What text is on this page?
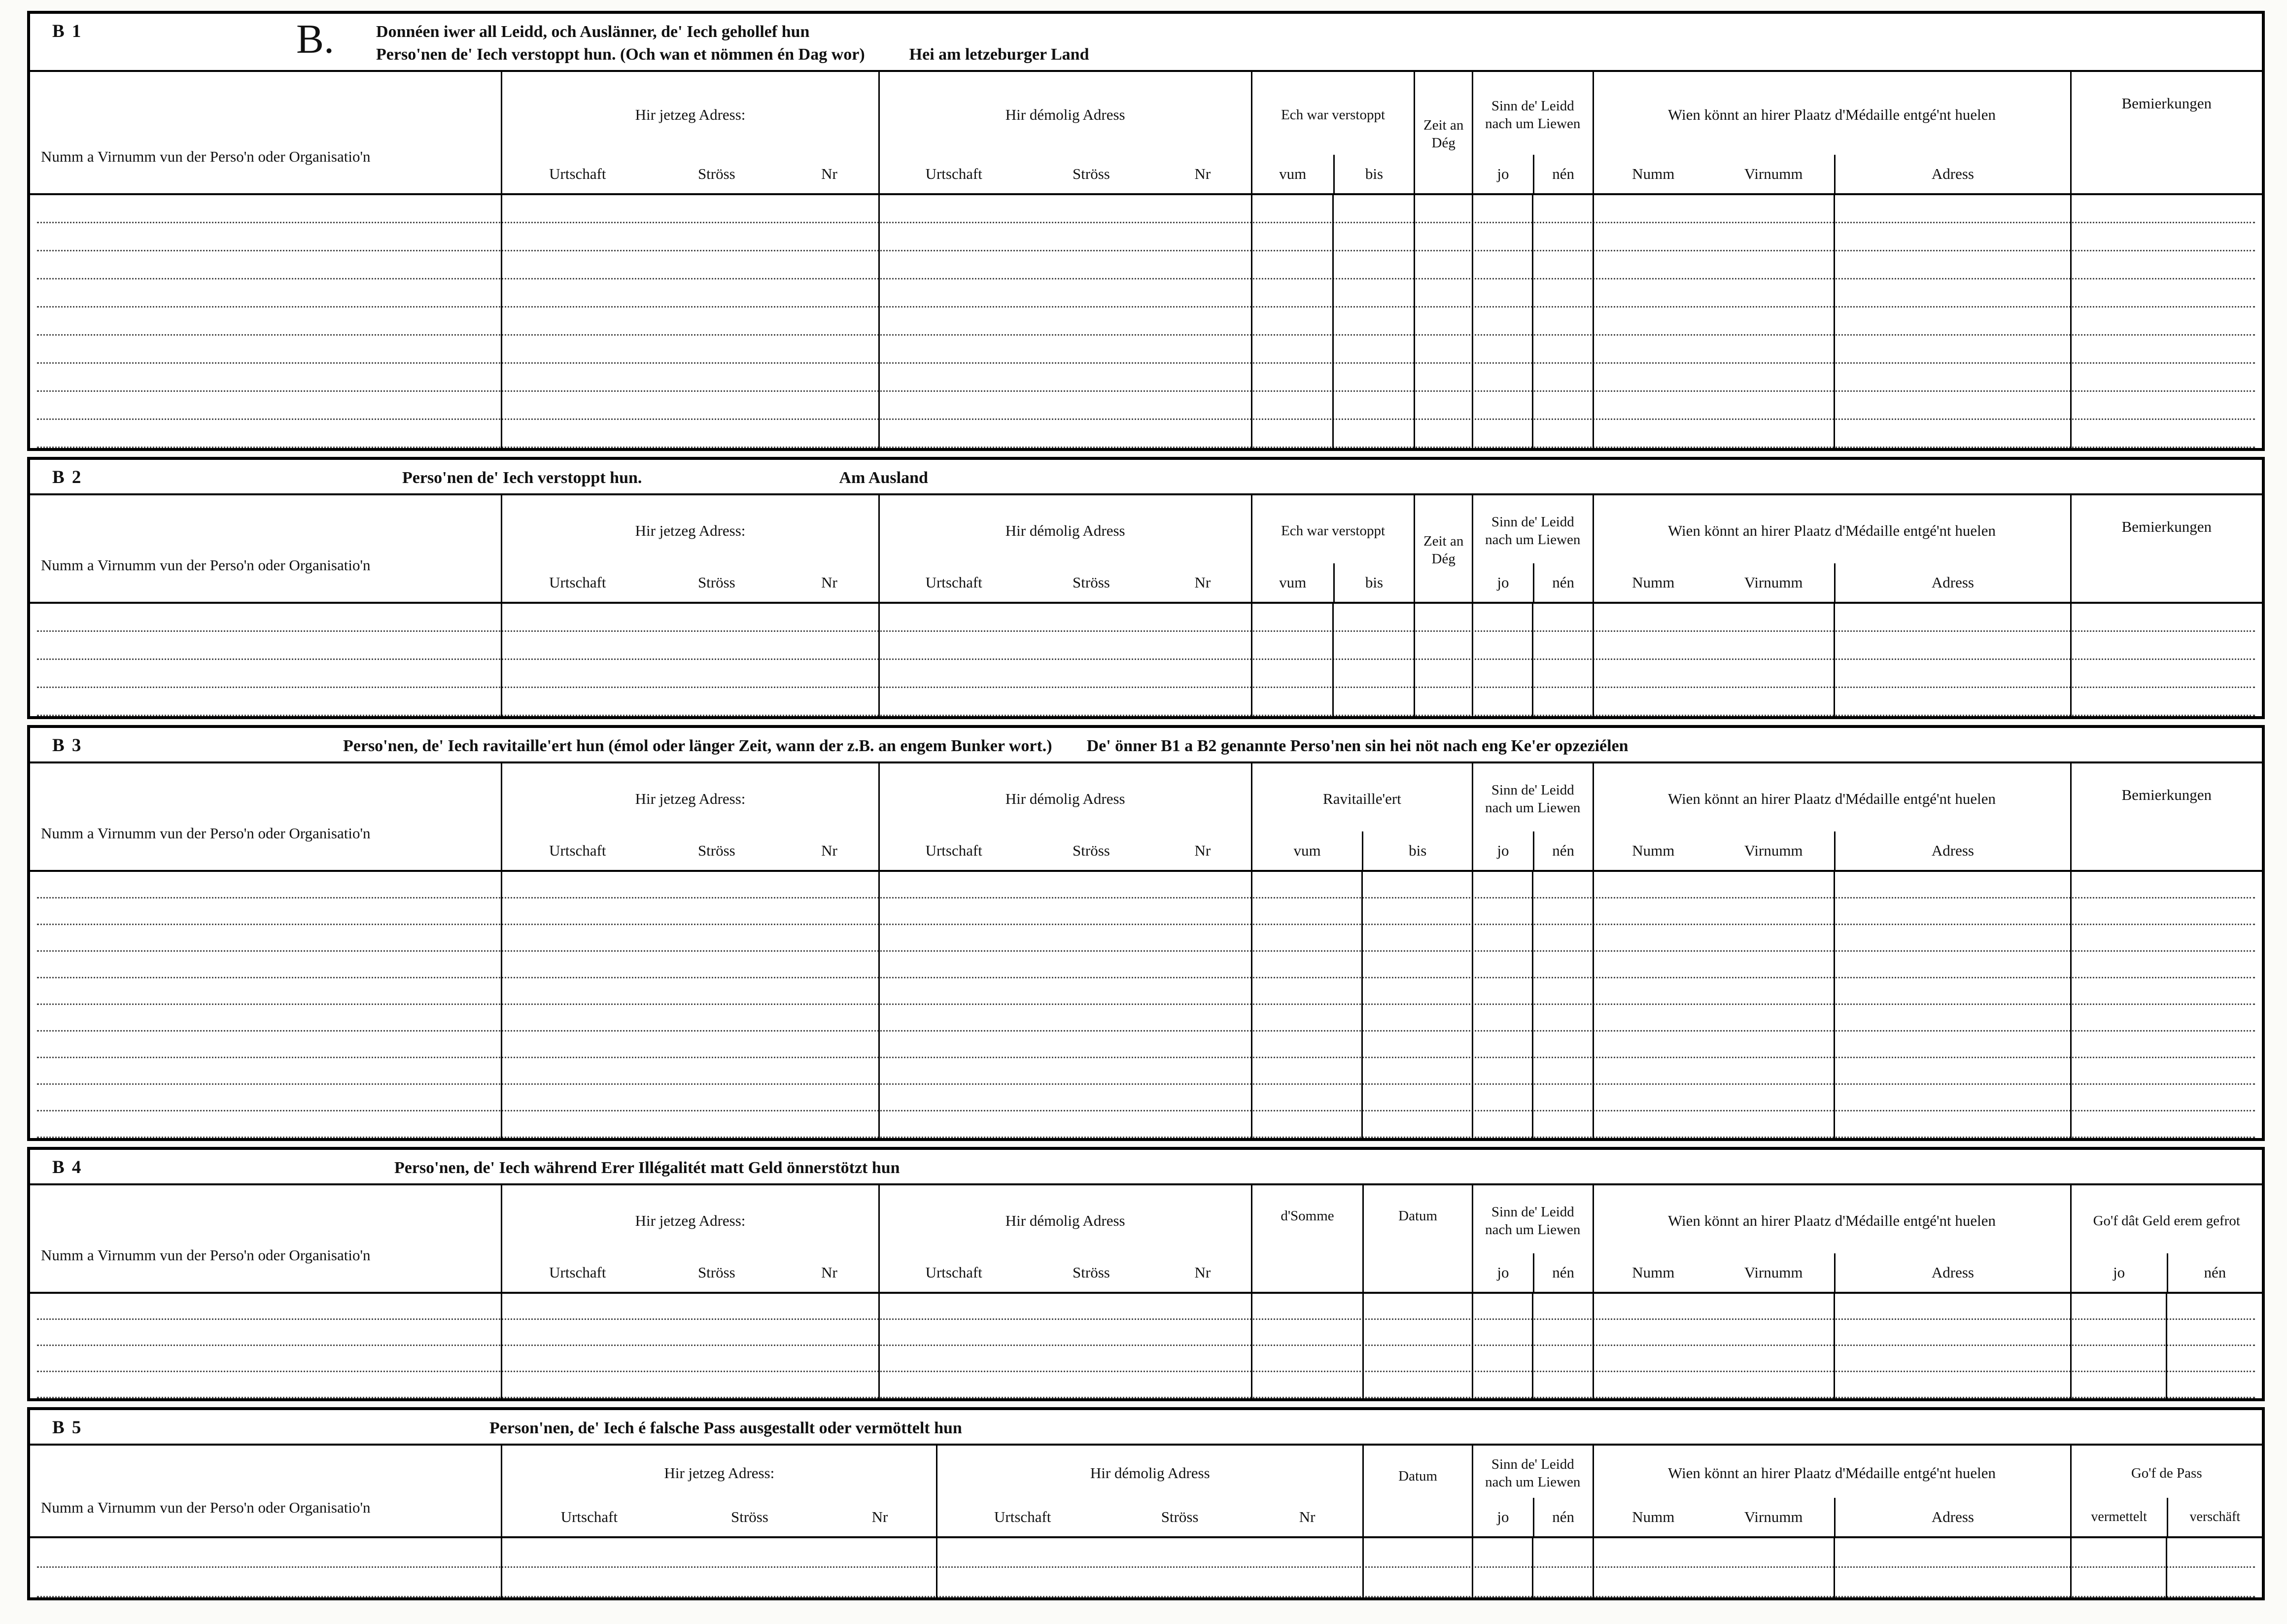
B 1	B.	Donnéen iwer all Leidd, och Auslänner, de' Iech gehollef hun
Perso'nen de' Iech verstoppt hun. (Och wan et nömmen én Dag wor)	Hei am letzeburger Land
Numm a Virnumm vun der Perso'n oder Organisatio'n
Hir jetzeg Adress:
Urtschaft	Ströss	Nr
Hir démolig Adress
Urtschaft	Ströss	Nr
Ech war verstoppt
vum	bis
Zeit an Dég
Sinn de' Leidd nach um Liewen
jo	nén
Wien könnt an hirer Plaatz d'Médaille entgé'nt huelen
Numm	Virnumm	Adress
Bemierkungen
B 2	Perso'nen de' Iech verstoppt hun.	Am Ausland
Numm a Virnumm vun der Perso'n oder Organisatio'n
Hir jetzeg Adress:
Urtschaft	Ströss	Nr
Hir démolig Adress
Urtschaft	Ströss	Nr
Ech war verstoppt
vum	bis
Zeit an Dég
Sinn de' Leidd nach um Liewen
jo	nén
Wien könnt an hirer Plaatz d'Médaille entgé'nt huelen
Numm	Virnumm	Adress
Bemierkungen
B 3	Perso'nen, de' Iech ravitaille'ert hun (émol oder länger Zeit, wann der z.B. an engem Bunker wort.) De' önner B1 a B2 genannte Perso'nen sin hei nöt nach eng Ke'er opzeziélen
Numm a Virnumm vun der Perso'n oder Organisatio'n
Hir jetzeg Adress:
Urtschaft	Ströss	Nr
Hir démolig Adress
Urtschaft	Ströss	Nr
Ravitaille'ert
vum	bis
Sinn de' Leidd nach um Liewen
jo	nén
Wien könnt an hirer Plaatz d'Médaille entgé'nt huelen
Numm	Virnumm	Adress
Bemierkungen
B 4	Perso'nen, de' Iech während Erer Illégalitét matt Geld önnerstötzt hun
Numm a Virnumm vun der Perso'n oder Organisatio'n
Hir jetzeg Adress:
Urtschaft	Ströss	Nr
Hir démolig Adress
Urtschaft	Ströss	Nr
d'Somme	Datum	Sinn de' Leidd nach um Liewen
jo	nén
Wien könnt an hirer Plaatz d'Médaille entgé'nt huelen
Numm	Virnumm	Adress
Go'f dât Geld erem gefrot
jo	nén
B 5	Person'nen, de' Iech é falsche Pass ausgestallt oder vermöttelt hun
Numm a Virnumm vun der Perso'n oder Organisatio'n
Hir jetzeg Adress:
Urtschaft	Ströss	Nr
Hir démolig Adress
Urtschaft	Ströss	Nr
Datum
Sinn de' Leidd nach um Liewen
jo	nén
Wien könnt an hirer Plaatz d'Médaille entgé'nt huelen
Numm	Virnumm	Adress
Go'f de Pass
vermettelt	verschäft
